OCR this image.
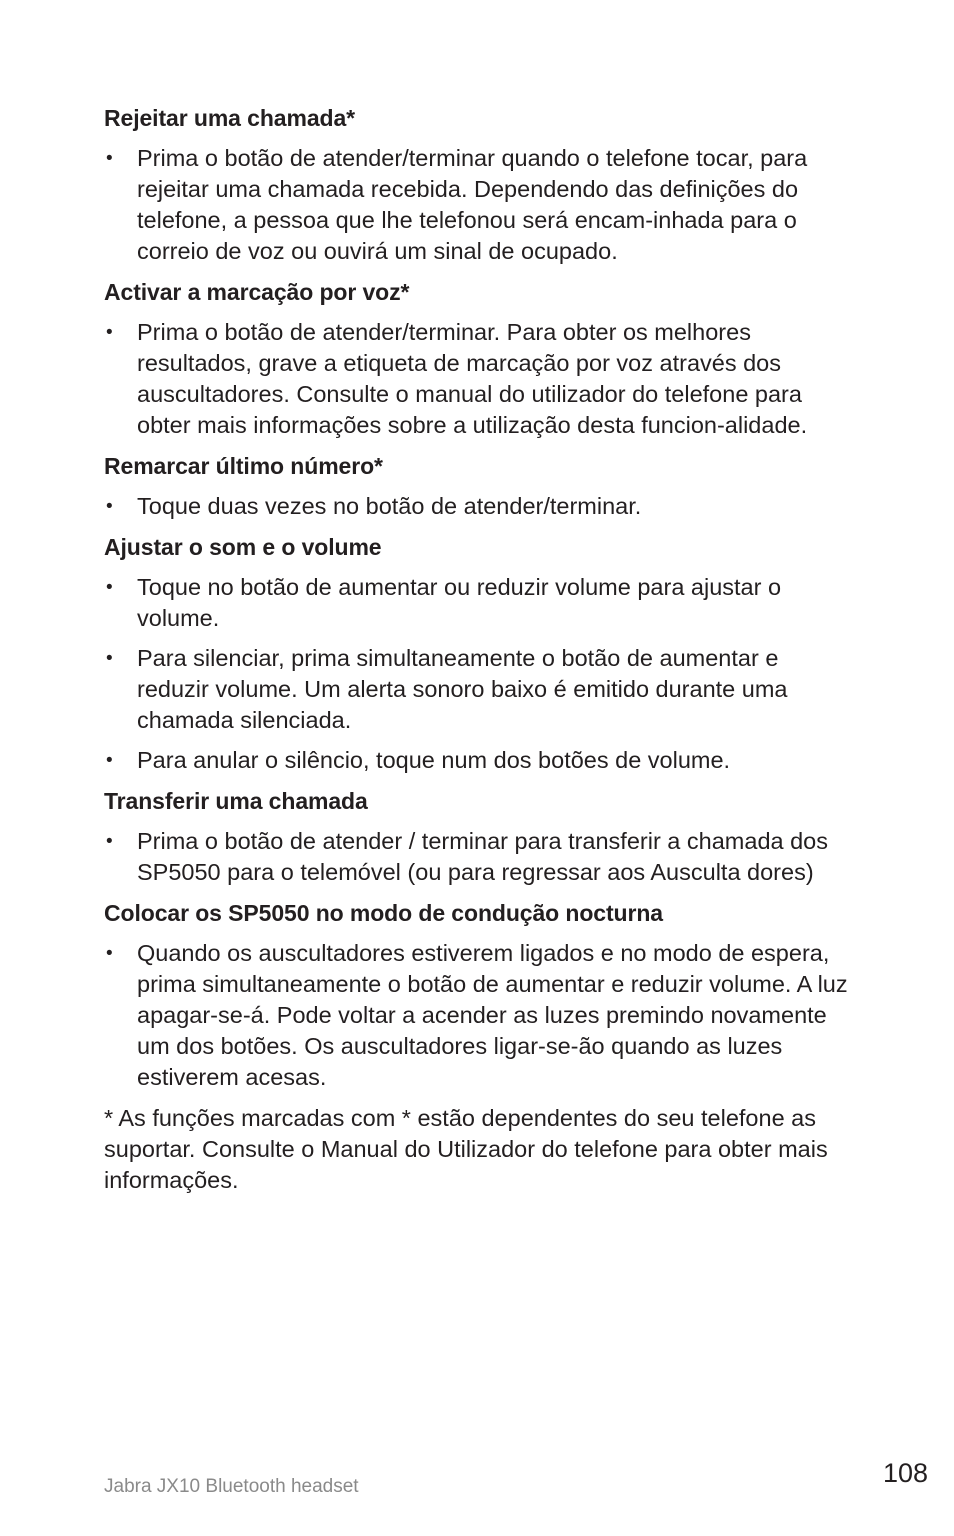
Rejeitar uma chamada*
• Prima o botão de atender/terminar quando o telefone tocar, para rejeitar uma chamada recebida. Dependendo das definições do telefone, a pessoa que lhe telefonou será encam-inhada para o correio de voz ou ouvirá um sinal de ocupado.
Activar a marcação por voz*
• Prima o botão de atender/terminar. Para obter os melhores resultados, grave a etiqueta de marcação por voz através dos auscultadores. Consulte o manual do utilizador do telefone para obter mais informações sobre a utilização desta funcion-alidade.
Remarcar último número*
• Toque duas vezes no botão de atender/terminar.
Ajustar o som e o volume
• Toque no botão de aumentar ou reduzir volume para ajustar o volume.
• Para silenciar, prima simultaneamente o botão de aumentar e reduzir volume. Um alerta sonoro baixo é emitido durante uma chamada silenciada.
• Para anular o silêncio, toque num dos botões de volume.
Transferir uma chamada
• Prima o botão de atender / terminar para transferir a chamada dos SP5050 para o telemóvel (ou para regressar aos Ausculta dores)
Colocar os SP5050 no modo de condução nocturna
• Quando os auscultadores estiverem ligados e no modo de espera, prima simultaneamente o botão de aumentar e reduzir volume. A luz apagar-se-á. Pode voltar a acender as luzes premindo novamente um dos botões. Os auscultadores ligar-se-ão quando as luzes estiverem acesas.

* As funções marcadas com * estão dependentes do seu telefone as suportar. Consulte o Manual do Utilizador do telefone para obter mais informações.

Jabra JX10 Bluetooth headset	108
